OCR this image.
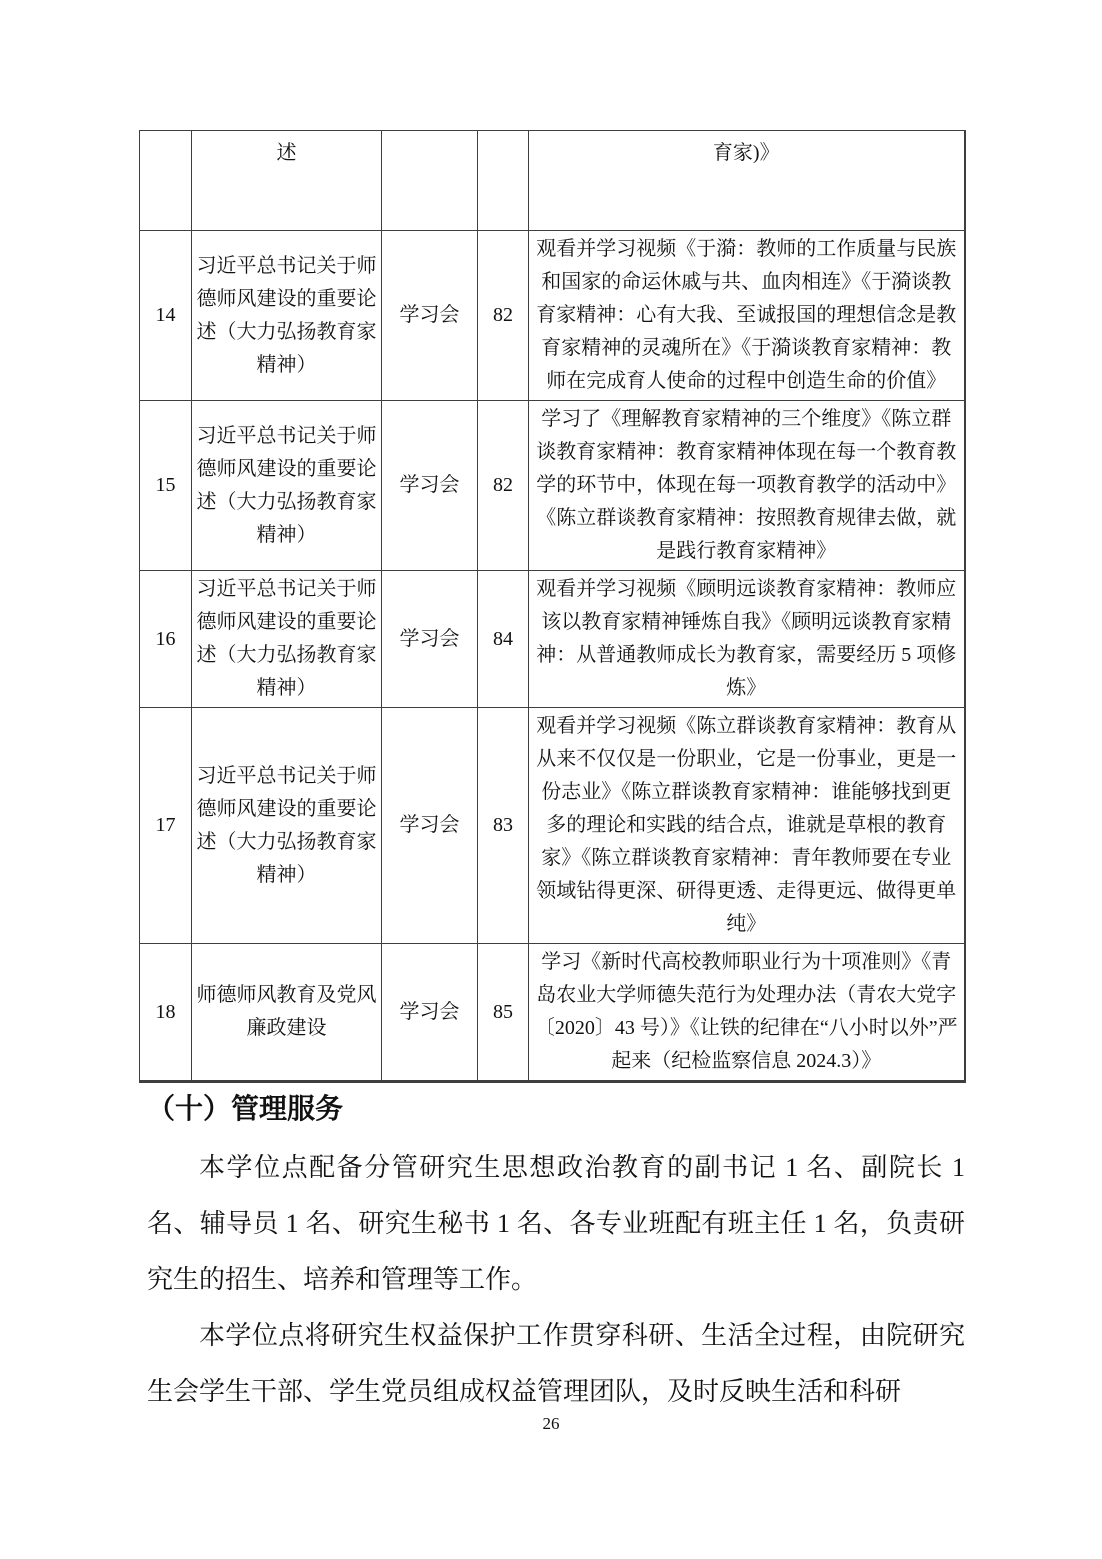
	述			育家)》
14	习近平总书记关于师德师风建设的重要论述（大力弘扬教育家精神）	学习会	82	观看并学习视频《于漪：教师的工作质量与民族和国家的命运休戚与共、血肉相连》《于漪谈教育家精神：心有大我、至诚报国的理想信念是教育家精神的灵魂所在》《于漪谈教育家精神：教师在完成育人使命的过程中创造生命的价值》
15	习近平总书记关于师德师风建设的重要论述（大力弘扬教育家精神）	学习会	82	学习了《理解教育家精神的三个维度》《陈立群谈教育家精神：教育家精神体现在每一个教育教学的环节中，体现在每一项教育教学的活动中》《陈立群谈教育家精神：按照教育规律去做，就是践行教育家精神》
16	习近平总书记关于师德师风建设的重要论述（大力弘扬教育家精神）	学习会	84	观看并学习视频《顾明远谈教育家精神：教师应该以教育家精神锤炼自我》《顾明远谈教育家精神：从普通教师成长为教育家，需要经历 5 项修炼》
17	习近平总书记关于师德师风建设的重要论述（大力弘扬教育家精神）	学习会	83	观看并学习视频《陈立群谈教育家精神：教育从从来不仅仅是一份职业，它是一份事业，更是一份志业》《陈立群谈教育家精神：谁能够找到更多的理论和实践的结合点，谁就是草根的教育家》《陈立群谈教育家精神：青年教师要在专业领域钻得更深、研得更透、走得更远、做得更单纯》
18	师德师风教育及党风廉政建设	学习会	85	学习《新时代高校教师职业行为十项准则》《青岛农业大学师德失范行为处理办法（青农大党字〔2020〕43 号）》《让铁的纪律在“八小时以外”严起来（纪检监察信息 2024.3）》
（十）管理服务

本学位点配备分管研究生思想政治教育的副书记 1 名、副院长 1 名、辅导员 1 名、研究生秘书 1 名、各专业班配有班主任 1 名，负责研究生的招生、培养和管理等工作。

本学位点将研究生权益保护工作贯穿科研、生活全过程，由院研究生会学生干部、学生党员组成权益管理团队，及时反映生活和科研

26
